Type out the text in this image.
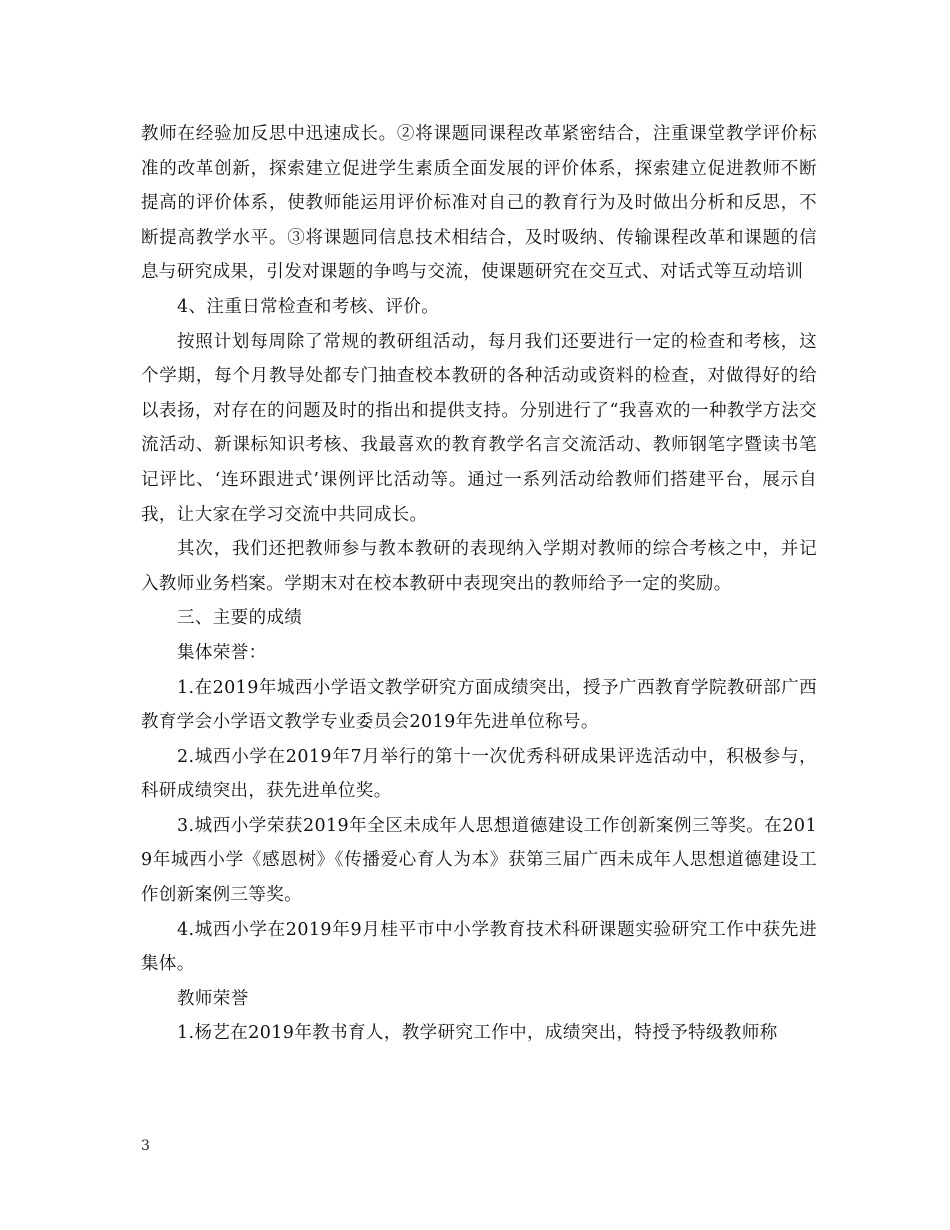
教师在经验加反思中迅速成长。②将课题同课程改革紧密结合，注重课堂教学评价标准的改革创新，探索建立促进学生素质全面发展的评价体系，探索建立促进教师不断提高的评价体系，使教师能运用评价标准对自己的教育行为及时做出分析和反思，不断提高教学水平。③将课题同信息技术相结合，及时吸纳、传输课程改革和课题的信息与研究成果，引发对课题的争鸣与交流，使课题研究在交互式、对话式等互动培训

4、注重日常检查和考核、评价。

按照计划每周除了常规的教研组活动，每月我们还要进行一定的检查和考核，这个学期，每个月教导处都专门抽查校本教研的各种活动或资料的检查，对做得好的给以表扬，对存在的问题及时的指出和提供支持。分别进行了“我喜欢的一种教学方法交流活动、新课标知识考核、我最喜欢的教育教学名言交流活动、教师钢笔字暨读书笔记评比、‘连环跟进式’课例评比活动等。通过一系列活动给教师们搭建平台，展示自我，让大家在学习交流中共同成长。

其次，我们还把教师参与教本教研的表现纳入学期对教师的综合考核之中，并记入教师业务档案。学期末对在校本教研中表现突出的教师给予一定的奖励。

三、主要的成绩

集体荣誉：

1.在2019年城西小学语文教学研究方面成绩突出，授予广西教育学院教研部广西教育学会小学语文教学专业委员会2019年先进单位称号。

2.城西小学在2019年7月举行的第十一次优秀科研成果评选活动中，积极参与，科研成绩突出，获先进单位奖。

3.城西小学荣获2019年全区未成年人思想道德建设工作创新案例三等奖。在2019年城西小学《感恩树》《传播爱心育人为本》获第三届广西未成年人思想道德建设工作创新案例三等奖。

4.城西小学在2019年9月桂平市中小学教育技术科研课题实验研究工作中获先进集体。

教师荣誉

1.杨艺在2019年教书育人，教学研究工作中，成绩突出，特授予特级教师称

3
